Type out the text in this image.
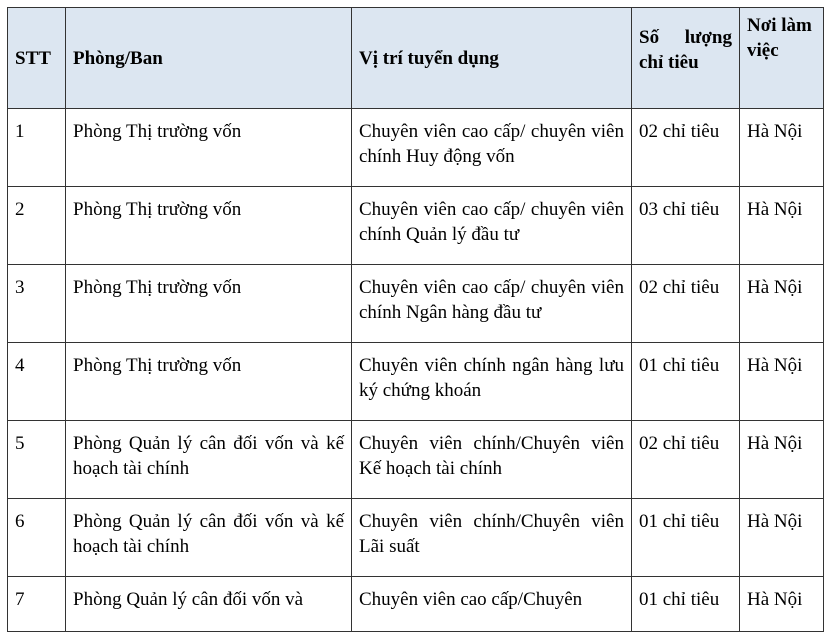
STT	Phòng/Ban	Vị trí tuyển dụng	Số lượng chỉ tiêu	Nơi làm việc
1	Phòng Thị trường vốn	Chuyên viên cao cấp/ chuyên viên chính Huy động vốn	02 chỉ tiêu	Hà Nội
2	Phòng Thị trường vốn	Chuyên viên cao cấp/ chuyên viên chính Quản lý đầu tư	03 chỉ tiêu	Hà Nội
3	Phòng Thị trường vốn	Chuyên viên cao cấp/ chuyên viên chính Ngân hàng đầu tư	02 chỉ tiêu	Hà Nội
4	Phòng Thị trường vốn	Chuyên viên chính ngân hàng lưu ký chứng khoán	01 chỉ tiêu	Hà Nội
5	Phòng Quản lý cân đối vốn và kế hoạch tài chính	Chuyên viên chính/Chuyên viên Kế hoạch tài chính	02 chỉ tiêu	Hà Nội
6	Phòng Quản lý cân đối vốn và kế hoạch tài chính	Chuyên viên chính/Chuyên viên Lãi suất	01 chỉ tiêu	Hà Nội
7	Phòng Quản lý cân đối vốn và	Chuyên viên cao cấp/Chuyên	01 chỉ tiêu	Hà Nội
